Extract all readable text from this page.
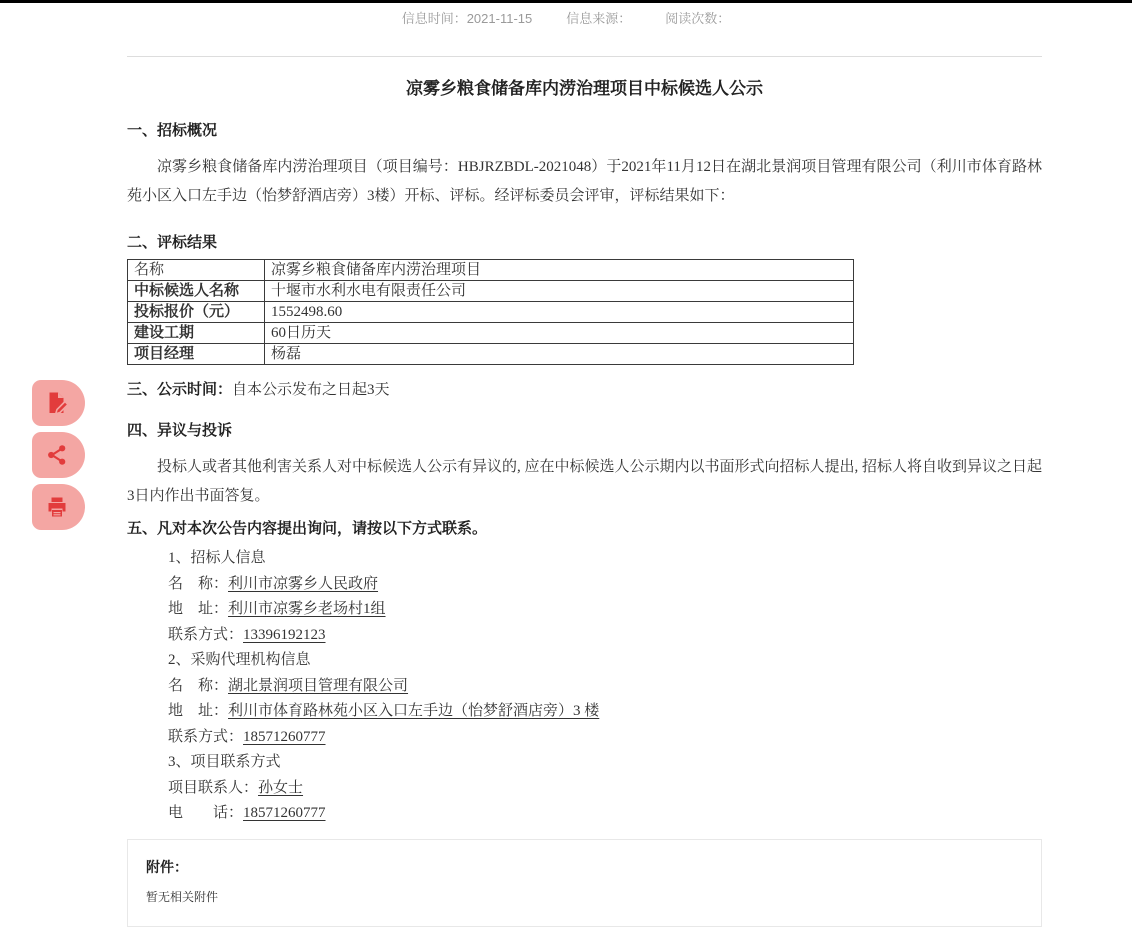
信息时间：2021-11-15	信息来源：	阅读次数：
凉雾乡粮食储备库内涝治理项目中标候选人公示
一、招标概况

凉雾乡粮食储备库内涝治理项目（项目编号：HBJRZBDL-2021048）于2021年11月12日在湖北景润项目管理有限公司（利川市体育路林苑小区入口左手边（怡梦舒酒店旁）3楼）开标、评标。经评标委员会评审，评标结果如下：

二、评标结果
名称	凉雾乡粮食储备库内涝治理项目
中标候选人名称	十堰市水利水电有限责任公司
投标报价（元）	1552498.60
建设工期	60日历天
项目经理	杨磊

三、公示时间：自本公示发布之日起3天

四、异议与投诉

投标人或者其他利害关系人对中标候选人公示有异议的, 应在中标候选人公示期内以书面形式向招标人提出, 招标人将自收到异议之日起3日内作出书面答复。

五、凡对本次公告内容提出询问，请按以下方式联系。
1、招标人信息
名　称：利川市凉雾乡人民政府
地　址：利川市凉雾乡老场村1组
联系方式：13396192123
2、采购代理机构信息
名　称：湖北景润项目管理有限公司
地　址：利川市体育路林苑小区入口左手边（怡梦舒酒店旁）3 楼
联系方式：18571260777
3、项目联系方式
项目联系人：孙女士
电　　话：18571260777
附件：
暂无相关附件
